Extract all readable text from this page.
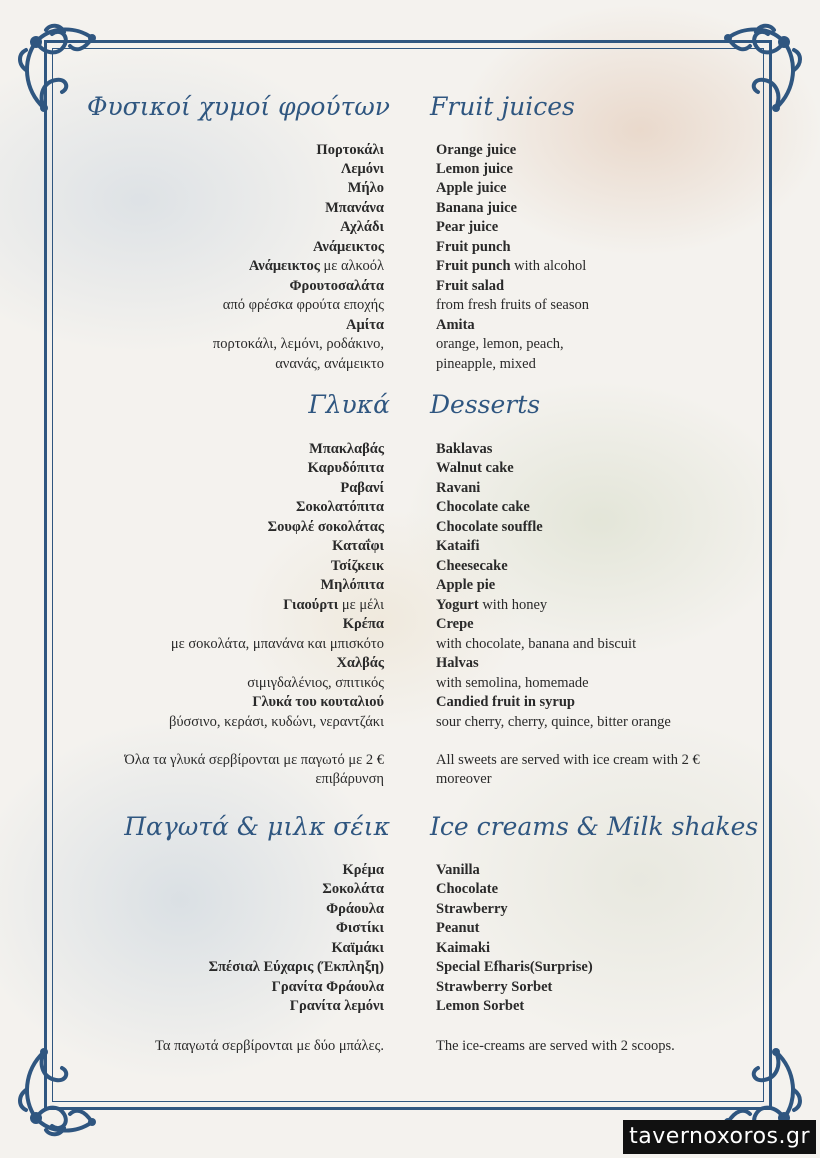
Φυσικοί χυμοί φρούτων Fruit juices
Πορτοκάλι	Orange juice
Λεμόνι	Lemon juice
Μήλο	Apple juice
Μπανάνα	Banana juice
Αχλάδι	Pear juice
Ανάμεικτος	Fruit punch
Ανάμεικτος με αλκοόλ	Fruit punch with alcohol
Φρουτοσαλάτα	Fruit salad
από φρέσκα φρούτα εποχής	from fresh fruits of season
Αμίτα	Amita
πορτοκάλι, λεμόνι, ροδάκινο,	orange, lemon, peach,
ανανάς, ανάμεικτο	pineapple, mixed
Γλυκά Desserts
Μπακλαβάς	Baklavas
Καρυδόπιτα	Walnut cake
Ραβανί	Ravani
Σοκολατόπιτα	Chocolate cake
Σουφλέ σοκολάτας	Chocolate souffle
Καταΐφι	Kataifi
Τσίζκεικ	Cheesecake
Μηλόπιτα	Apple pie
Γιαούρτι με μέλι	Yogurt with honey
Κρέπα	Crepe
με σοκολάτα, μπανάνα και μπισκότο	with chocolate, banana and biscuit
Χαλβάς	Halvas
σιμιγδαλένιος, σπιτικός	with semolina, homemade
Γλυκά του κουταλιού	Candied fruit in syrup
βύσσινο, κεράσι, κυδώνι, νεραντζάκι	sour cherry, cherry, quince, bitter orange
Όλα τα γλυκά σερβίρονται με παγωτό με 2 €	All sweets are served with ice cream with 2 €
επιβάρυνση	moreover
Παγωτά & μιλκ σέικ Ice creams & Milk shakes
Κρέμα	Vanilla
Σοκολάτα	Chocolate
Φράουλα	Strawberry
Φιστίκι	Peanut
Καϊμάκι	Kaimaki
Σπέσιαλ Εύχαρις (Έκπληξη)	Special Efharis(Surprise)
Γρανίτα Φράουλα	Strawberry Sorbet
Γρανίτα λεμόνι	Lemon Sorbet
Τα παγωτά σερβίρονται με δύο μπάλες.	The ice-creams are served with 2 scoops.
tavernoxoros.gr
